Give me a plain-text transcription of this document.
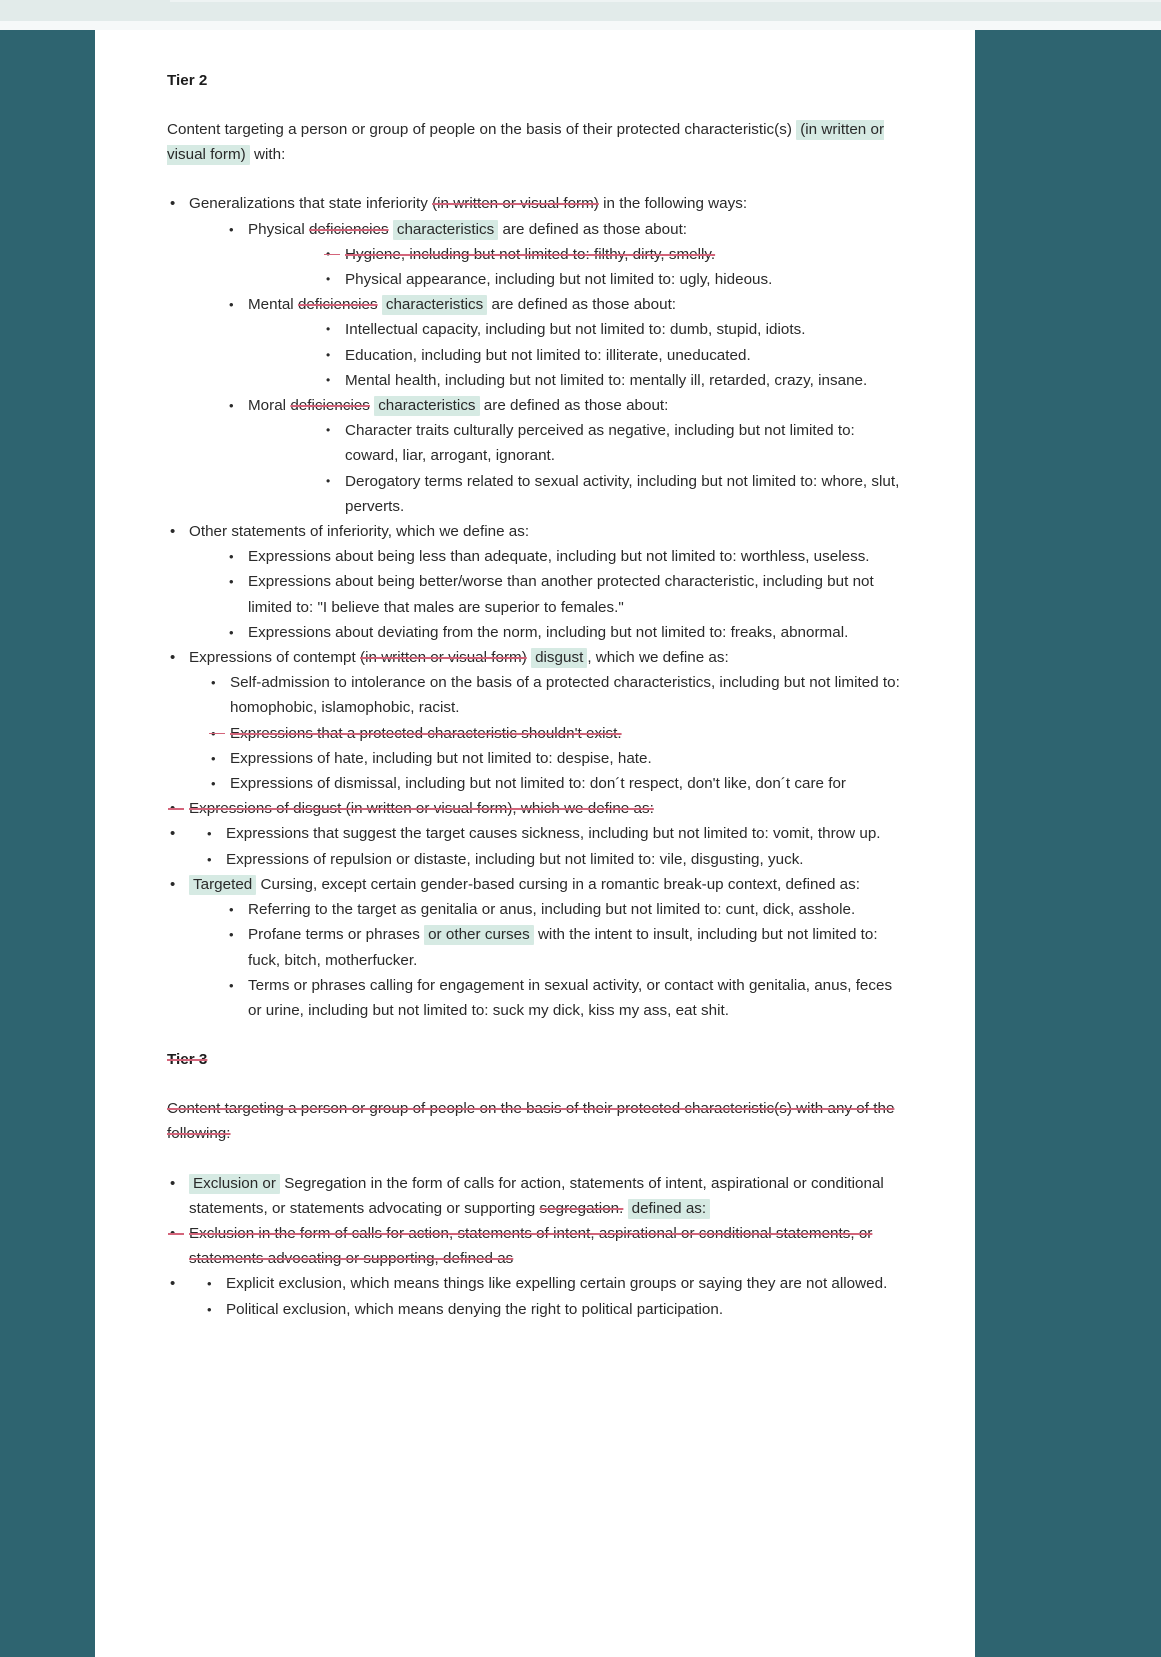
Tier 2

Content targeting a person or group of people on the basis of their protected characteristic(s) (in written or visual form) with:

• Generalizations that state inferiority (in written or visual form) in the following ways:
• Physical deficiencies characteristics are defined as those about:
• Hygiene, including but not limited to: filthy, dirty, smelly.
• Physical appearance, including but not limited to: ugly, hideous.
• Mental deficiencies characteristics are defined as those about:
• Intellectual capacity, including but not limited to: dumb, stupid, idiots.
• Education, including but not limited to: illiterate, uneducated.
• Mental health, including but not limited to: mentally ill, retarded, crazy, insane.
• Moral deficiencies characteristics are defined as those about:
• Character traits culturally perceived as negative, including but not limited to: coward, liar, arrogant, ignorant.
• Derogatory terms related to sexual activity, including but not limited to: whore, slut, perverts.
• Other statements of inferiority, which we define as:
• Expressions about being less than adequate, including but not limited to: worthless, useless.
• Expressions about being better/worse than another protected characteristic, including but not limited to: "I believe that males are superior to females."
• Expressions about deviating from the norm, including but not limited to: freaks, abnormal.
• Expressions of contempt (in written or visual form) disgust , which we define as:
• Self-admission to intolerance on the basis of a protected characteristics, including but not limited to: homophobic, islamophobic, racist.
• Expressions that a protected characteristic shouldn't exist.
• Expressions of hate, including but not limited to: despise, hate.
• Expressions of dismissal, including but not limited to: don´t respect, don't like, don´t care for
• Expressions of disgust (in written or visual form), which we define as:
• • Expressions that suggest the target causes sickness, including but not limited to: vomit, throw up.
• Expressions of repulsion or distaste, including but not limited to: vile, disgusting, yuck.
• Targeted Cursing, except certain gender-based cursing in a romantic break-up context, defined as:
• Referring to the target as genitalia or anus, including but not limited to: cunt, dick, asshole.
• Profane terms or phrases or other curses with the intent to insult, including but not limited to: fuck, bitch, motherfucker.
• Terms or phrases calling for engagement in sexual activity, or contact with genitalia, anus, feces or urine, including but not limited to: suck my dick, kiss my ass, eat shit.
Tier 3

Content targeting a person or group of people on the basis of their protected characteristic(s) with any of the following:

• Exclusion or Segregation in the form of calls for action, statements of intent, aspirational or conditional statements, or statements advocating or supporting segregation. defined as:
• Exclusion in the form of calls for action, statements of intent, aspirational or conditional statements, or statements advocating or supporting, defined as
• • Explicit exclusion, which means things like expelling certain groups or saying they are not allowed.
• Political exclusion, which means denying the right to political participation.
